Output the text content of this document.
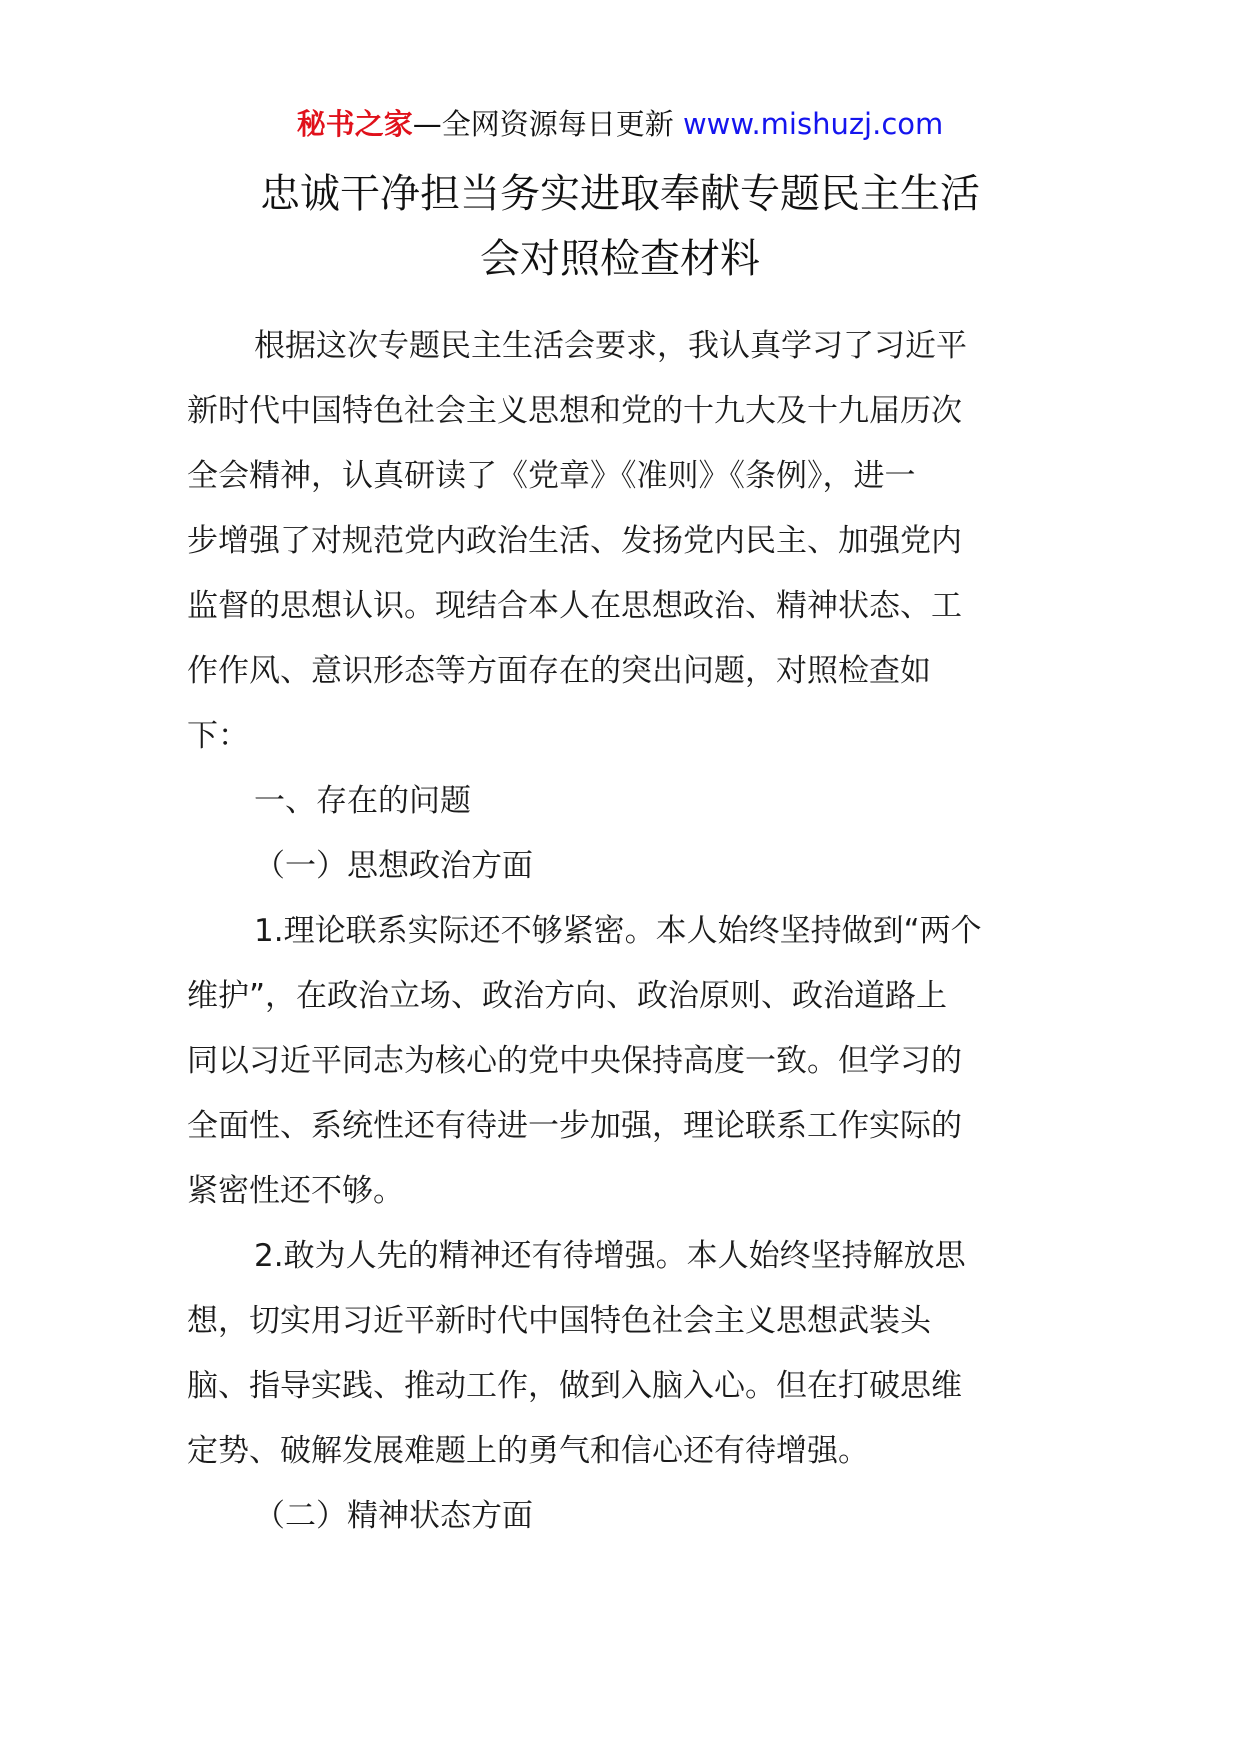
秘书之家—全网资源每日更新 www.mishuzj.com
忠诚干净担当务实进取奉献专题民主生活
会对照检查材料
根据这次专题民主生活会要求，我认真学习了习近平
新时代中国特色社会主义思想和党的十九大及十九届历次
全会精神，认真研读了《党章》《准则》《条例》，进一
步增强了对规范党内政治生活、发扬党内民主、加强党内
监督的思想认识。现结合本人在思想政治、精神状态、工
作作风、意识形态等方面存在的突出问题，对照检查如
下：
一、存在的问题
（一）思想政治方面
1.理论联系实际还不够紧密。本人始终坚持做到“两个
维护”，在政治立场、政治方向、政治原则、政治道路上
同以习近平同志为核心的党中央保持高度一致。但学习的
全面性、系统性还有待进一步加强，理论联系工作实际的
紧密性还不够。
2.敢为人先的精神还有待增强。本人始终坚持解放思
想，切实用习近平新时代中国特色社会主义思想武装头
脑、指导实践、推动工作，做到入脑入心。但在打破思维
定势、破解发展难题上的勇气和信心还有待增强。
（二）精神状态方面
